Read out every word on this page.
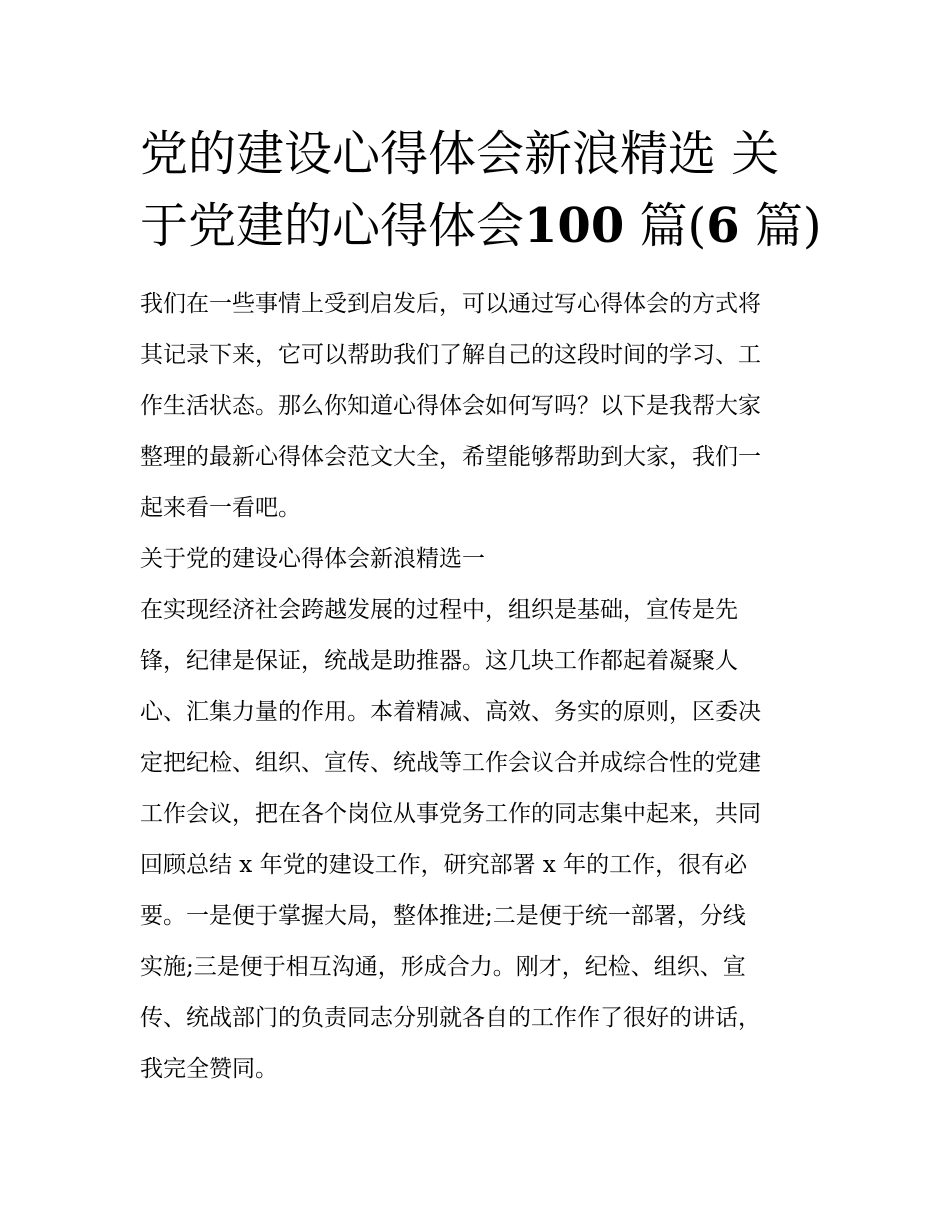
党的建设心得体会新浪精选 关
于党建的心得体会100 篇(6 篇)

我们在一些事情上受到启发后，可以通过写心得体会的方式将
其记录下来，它可以帮助我们了解自己的这段时间的学习、工
作生活状态。那么你知道心得体会如何写吗？以下是我帮大家
整理的最新心得体会范文大全，希望能够帮助到大家，我们一
起来看一看吧。

关于党的建设心得体会新浪精选一

在实现经济社会跨越发展的过程中，组织是基础，宣传是先
锋，纪律是保证，统战是助推器。这几块工作都起着凝聚人
心、汇集力量的作用。本着精减、高效、务实的原则，区委决
定把纪检、组织、宣传、统战等工作会议合并成综合性的党建
工作会议，把在各个岗位从事党务工作的同志集中起来，共同
回顾总结 x 年党的建设工作，研究部署 x 年的工作，很有必
要。一是便于掌握大局，整体推进;二是便于统一部署，分线
实施;三是便于相互沟通，形成合力。刚才，纪检、组织、宣
传、统战部门的负责同志分别就各自的工作作了很好的讲话，
我完全赞同。
